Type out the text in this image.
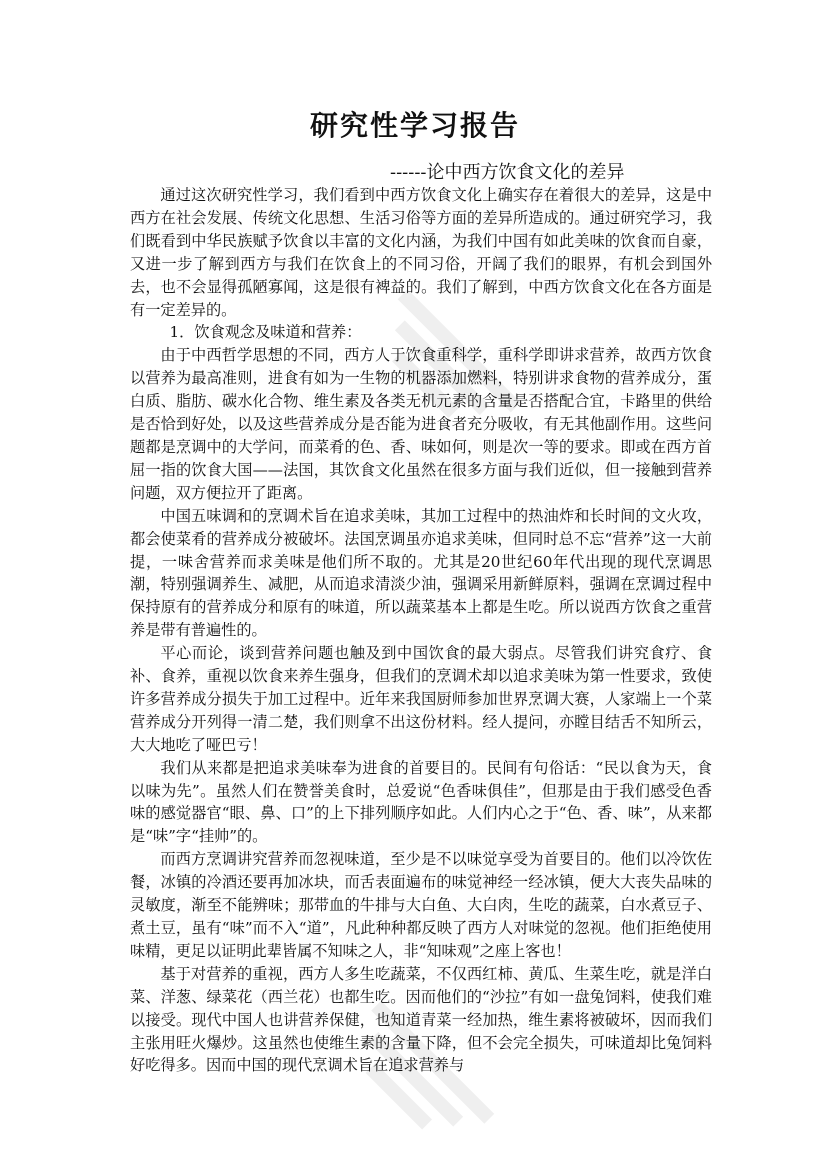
研究性学习报告
------论中西方饮食文化的差异

通过这次研究性学习，我们看到中西方饮食文化上确实存在着很大的差异，这是中西方在社会发展、传统文化思想、生活习俗等方面的差异所造成的。通过研究学习，我们既看到中华民族赋予饮食以丰富的文化内涵，为我们中国有如此美味的饮食而自豪，又进一步了解到西方与我们在饮食上的不同习俗，开阔了我们的眼界，有机会到国外去，也不会显得孤陋寡闻，这是很有裨益的。我们了解到，中西方饮食文化在各方面是有一定差异的。

1．饮食观念及味道和营养：

由于中西哲学思想的不同，西方人于饮食重科学，重科学即讲求营养，故西方饮食以营养为最高准则，进食有如为一生物的机器添加燃料，特别讲求食物的营养成分，蛋白质、脂肪、碳水化合物、维生素及各类无机元素的含量是否搭配合宜，卡路里的供给是否恰到好处，以及这些营养成分是否能为进食者充分吸收，有无其他副作用。这些问题都是烹调中的大学问，而菜肴的色、香、味如何，则是次一等的要求。即或在西方首屈一指的饮食大国——法国，其饮食文化虽然在很多方面与我们近似，但一接触到营养问题，双方便拉开了距离。

中国五味调和的烹调术旨在追求美味，其加工过程中的热油炸和长时间的文火攻，都会使菜肴的营养成分被破坏。法国烹调虽亦追求美味，但同时总不忘“营养”这一大前提，一味舍营养而求美味是他们所不取的。尤其是20世纪60年代出现的现代烹调思潮，特别强调养生、减肥，从而追求清淡少油，强调采用新鲜原料，强调在烹调过程中保持原有的营养成分和原有的味道，所以蔬菜基本上都是生吃。所以说西方饮食之重营养是带有普遍性的。

平心而论，谈到营养问题也触及到中国饮食的最大弱点。尽管我们讲究食疗、食补、食养，重视以饮食来养生强身，但我们的烹调术却以追求美味为第一性要求，致使许多营养成分损失于加工过程中。近年来我国厨师参加世界烹调大赛，人家端上一个菜营养成分开列得一清二楚，我们则拿不出这份材料。经人提问，亦瞠目结舌不知所云，大大地吃了哑巴亏！

我们从来都是把追求美味奉为进食的首要目的。民间有句俗话：“民以食为天，食以味为先”。虽然人们在赞誉美食时，总爱说“色香味俱佳”，但那是由于我们感受色香味的感觉器官“眼、鼻、口”的上下排列顺序如此。人们内心之于“色、香、味”，从来都是“味”字“挂帅”的。

而西方烹调讲究营养而忽视味道，至少是不以味觉享受为首要目的。他们以冷饮佐餐，冰镇的冷酒还要再加冰块，而舌表面遍布的味觉神经一经冰镇，便大大丧失品味的灵敏度，渐至不能辨味；那带血的牛排与大白鱼、大白肉，生吃的蔬菜，白水煮豆子、煮土豆，虽有“味”而不入“道”，凡此种种都反映了西方人对味觉的忽视。他们拒绝使用味精，更足以证明此辈皆属不知味之人，非“知味观”之座上客也！

基于对营养的重视，西方人多生吃蔬菜，不仅西红柿、黄瓜、生菜生吃，就是洋白菜、洋葱、绿菜花（西兰花）也都生吃。因而他们的“沙拉”有如一盘兔饲料，使我们难以接受。现代中国人也讲营养保健，也知道青菜一经加热，维生素将被破坏，因而我们主张用旺火爆炒。这虽然也使维生素的含量下降，但不会完全损失，可味道却比兔饲料好吃得多。因而中国的现代烹调术旨在追求营养与
